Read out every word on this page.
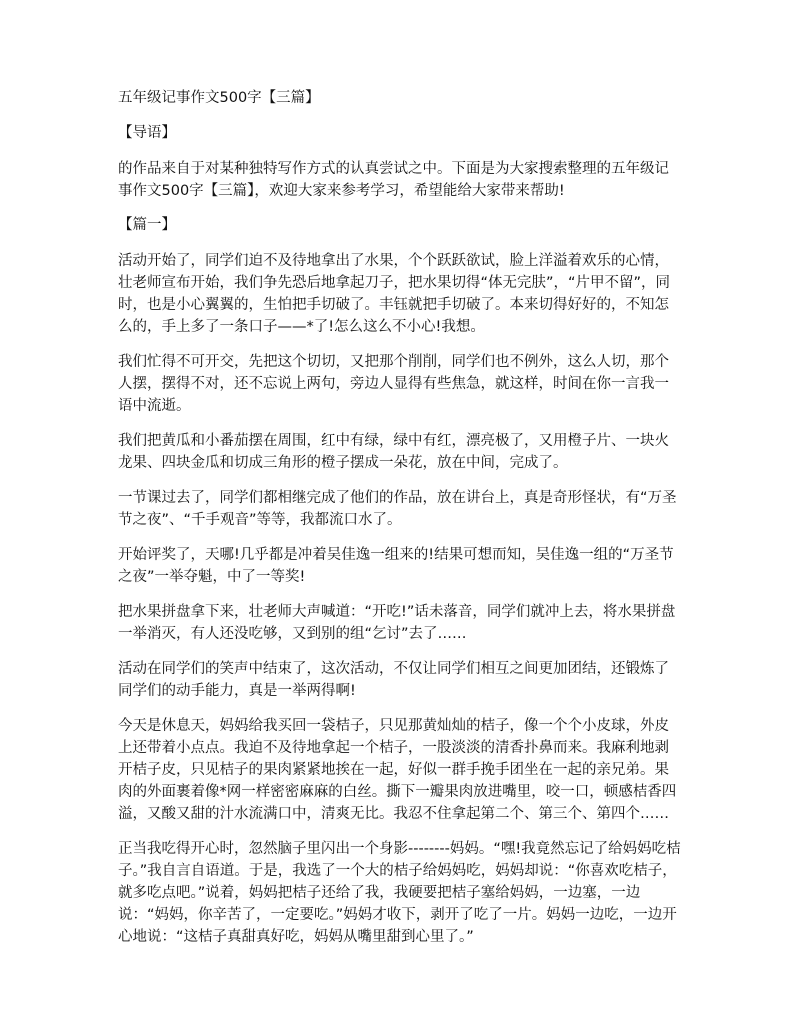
五年级记事作文500字【三篇】
【导语】

的作品来自于对某种独特写作方式的认真尝试之中。下面是为大家搜索整理的五年级记事作文500字【三篇】，欢迎大家来参考学习，希望能给大家带来帮助!

【篇一】

活动开始了，同学们迫不及待地拿出了水果，个个跃跃欲试，脸上洋溢着欢乐的心情，壮老师宣布开始，我们争先恐后地拿起刀子，把水果切得“体无完肤”，“片甲不留”，同时，也是小心翼翼的，生怕把手切破了。丰钰就把手切破了。本来切得好好的，不知怎么的，手上多了一条口子——*了!怎么这么不小心!我想。

我们忙得不可开交，先把这个切切，又把那个削削，同学们也不例外，这么人切，那个人摆，摆得不对，还不忘说上两句，旁边人显得有些焦急，就这样，时间在你一言我一语中流逝。

我们把黄瓜和小番茄摆在周围，红中有绿，绿中有红，漂亮极了，又用橙子片、一块火龙果、四块金瓜和切成三角形的橙子摆成一朵花，放在中间，完成了。

一节课过去了，同学们都相继完成了他们的作品，放在讲台上，真是奇形怪状，有“万圣节之夜”、“千手观音”等等，我都流口水了。

开始评奖了，天哪!几乎都是冲着吴佳逸一组来的!结果可想而知，吴佳逸一组的“万圣节之夜”一举夺魁，中了一等奖!

把水果拼盘拿下来，壮老师大声喊道：“开吃!”话未落音，同学们就冲上去，将水果拼盘一举消灭，有人还没吃够，又到别的组“乞讨”去了……

活动在同学们的笑声中结束了，这次活动，不仅让同学们相互之间更加团结，还锻炼了同学们的动手能力，真是一举两得啊!

今天是休息天，妈妈给我买回一袋桔子，只见那黄灿灿的桔子，像一个个小皮球，外皮上还带着小点点。我迫不及待地拿起一个桔子，一股淡淡的清香扑鼻而来。我麻利地剥开桔子皮，只见桔子的果肉紧紧地挨在一起，好似一群手挽手团坐在一起的亲兄弟。果肉的外面裹着像*网一样密密麻麻的白丝。撕下一瓣果肉放进嘴里，咬一口，顿感桔香四溢，又酸又甜的汁水流满口中，清爽无比。我忍不住拿起第二个、第三个、第四个……

正当我吃得开心时，忽然脑子里闪出一个身影--------妈妈。“嘿!我竟然忘记了给妈妈吃桔子。”我自言自语道。于是，我选了一个大的桔子给妈妈吃，妈妈却说：“你喜欢吃桔子，就多吃点吧。”说着，妈妈把桔子还给了我，我硬要把桔子塞给妈妈，一边塞，一边说：“妈妈，你辛苦了，一定要吃。”妈妈才收下，剥开了吃了一片。妈妈一边吃，一边开心地说：“这桔子真甜真好吃，妈妈从嘴里甜到心里了。”
